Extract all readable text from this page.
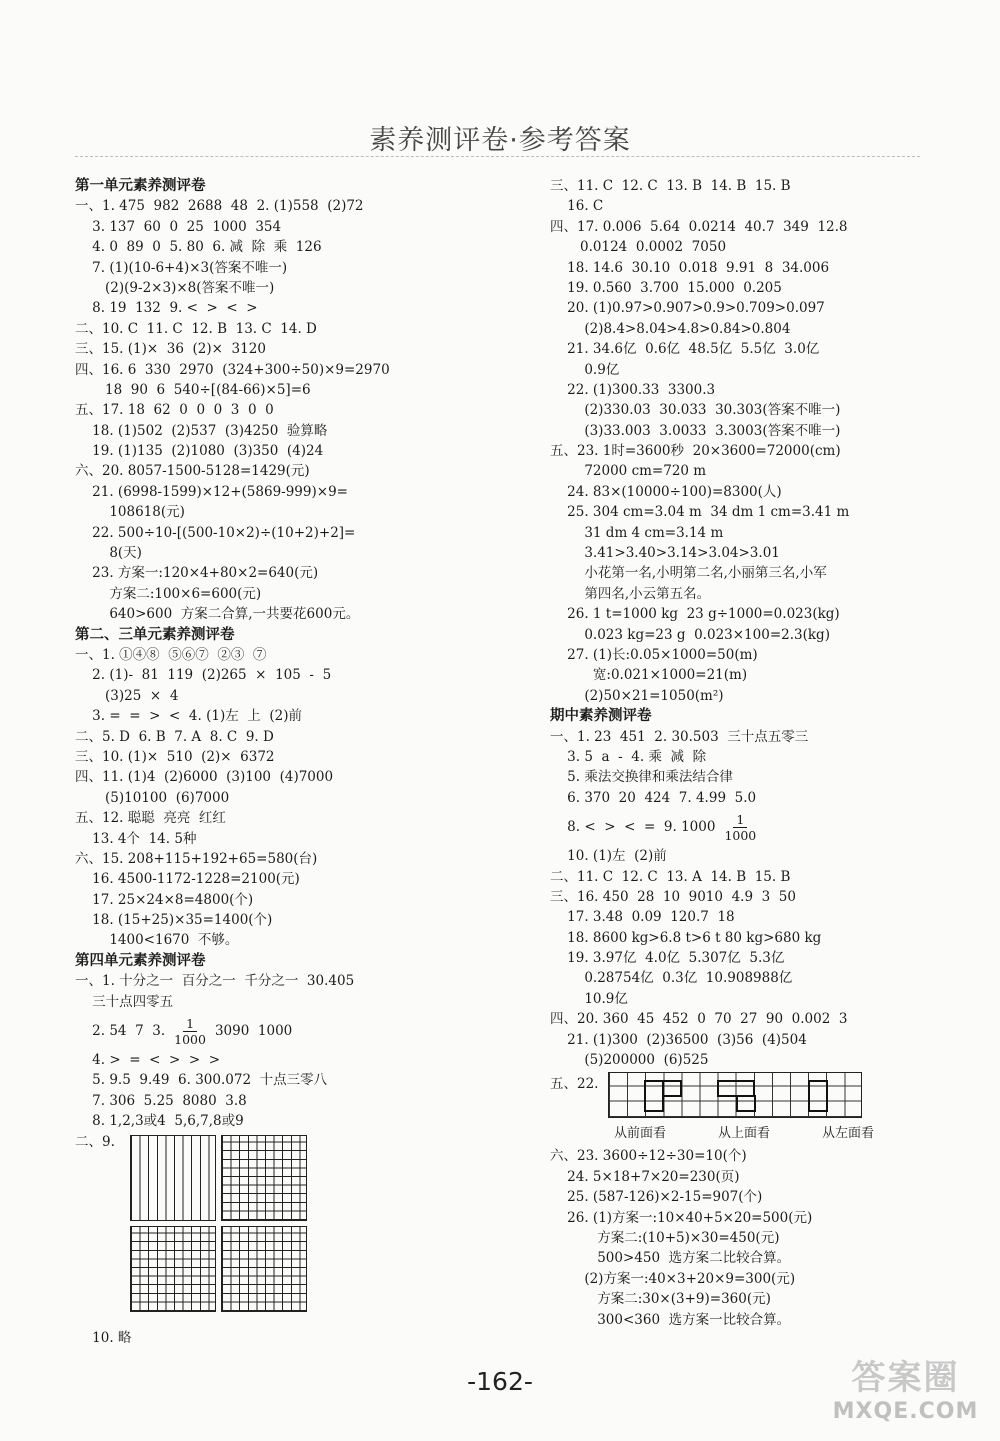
素养测评卷·参考答案
第一单元素养测评卷
一、1. 475  982  2688  48  2. (1)558  (2)72
3. 137  60  0  25  1000  354
4. 0  89  0  5. 80  6. 减  除  乘  126
7. (1)(10-6+4)×3(答案不唯一)
(2)(9-2×3)×8(答案不唯一)
8. 19  132  9. <  >  <  >
二、10. C  11. C  12. B  13. C  14. D
三、15. (1)×  36  (2)×  3120
四、16. 6  330  2970  (324+300÷50)×9=2970
18  90  6  540÷[(84-66)×5]=6
五、17. 18  62  0  0  0  3  0  0
18. (1)502  (2)537  (3)4250  验算略
19. (1)135  (2)1080  (3)350  (4)24
六、20. 8057-1500-5128=1429(元)
21. (6998-1599)×12+(5869-999)×9=
108618(元)
22. 500÷10-[(500-10×2)÷(10+2)+2]=
8(天)
23. 方案一:120×4+80×2=640(元)
方案二:100×6=600(元)
640>600  方案二合算,一共要花600元。
第二、三单元素养测评卷
一、1. ①④⑧  ⑤⑥⑦  ②③  ⑦
2. (1)-  81  119  (2)265  ×  105  -  5
(3)25  ×  4
3. =  =  >  <  4. (1)左  上  (2)前
二、5. D  6. B  7. A  8. C  9. D
三、10. (1)×  510  (2)×  6372
四、11. (1)4  (2)6000  (3)100  (4)7000
(5)10100  (6)7000
五、12. 聪聪  亮亮  红红
13. 4个  14. 5种
六、15. 208+115+192+65=580(台)
16. 4500-1172-1228=2100(元)
17. 25×24×8=4800(个)
18. (15+25)×35=1400(个)
1400<1670  不够。
第四单元素养测评卷
一、1. 十分之一  百分之一  千分之一  30.405
三十点四零五
2. 54  7  3. $\frac{1}{1000} 3090$  1000
4. >  =  <  >  >  >
5. 9.5  9.49  6. 300.072  十点三零八
7. 306  5.25  8080  3.8
8. 1,2,3或4  5,6,7,8或9
二、9.
10. 略
三、11. C  12. C  13. B  14. B  15. B
16. C
四、17. 0.006  5.64  0.0214  40.7  349  12.8
0.0124  0.0002  7050
18. 14.6  30.10  0.018  9.91  8  34.006
19. 0.560  3.700  15.000  0.205
20. (1)0.97>0.907>0.9>0.709>0.097
(2)8.4>8.04>4.8>0.84>0.804
21. 34.6亿  0.6亿  48.5亿  5.5亿  3.0亿
0.9亿
22. (1)300.33  3300.3
(2)330.03  30.033  30.303(答案不唯一)
(3)33.003  3.0033  3.3003(答案不唯一)
五、23. 1时=3600秒  20×3600=72000(cm)
72000 cm=720 m
24. 83×(10000÷100)=8300(人)
25. 304 cm=3.04 m  34 dm 1 cm=3.41 m
31 dm 4 cm=3.14 m
3.41>3.40>3.14>3.04>3.01
小花第一名,小明第二名,小丽第三名,小军
第四名,小云第五名。
26. 1 t=1000 kg  23 g÷1000=0.023(kg)
0.023 kg=23 g  0.023×100=2.3(kg)
27. (1)长:0.05×1000=50(m)
宽:0.021×1000=21(m)
(2)50×21=1050(m²)
期中素养测评卷
一、1. 23  451  2. 30.503  三十点五零三
3. 5  a  -  4. 乘  减  除
5. 乘法交换律和乘法结合律
6. 370  20  424  7. 4.99  5.0
8. <  >  <  =  9. $1000 \frac{1}{1000}$
10. (1)左  (2)前
二、11. C  12. C  13. A  14. B  15. B
三、16. 450  28  10  9010  4.9  3  50
17. 3.48  0.09  120.7  18
18. 8600 kg>6.8 t>6 t 80 kg>680 kg
19. 3.97亿  4.0亿  5.307亿  5.3亿
0.28754亿  0.3亿  10.908988亿
10.9亿
四、20. 360  45  452  0  70  27  90  0.002  3
21. (1)300  (2)36500  (3)56  (4)504
(5)200000  (6)525
五、22.
从前面看	从上面看	从左面看
六、23. 3600÷12÷30=10(个)
24. 5×18+7×20=230(页)
25. (587-126)×2-15=907(个)
26. (1)方案一:10×40+5×20=500(元)
方案二:(10+5)×30=450(元)
500>450  选方案二比较合算。
(2)方案一:40×3+20×9=300(元)
方案二:30×(3+9)=360(元)
300<360  选方案一比较合算。
-162-	答案圈
MXQE.COM
